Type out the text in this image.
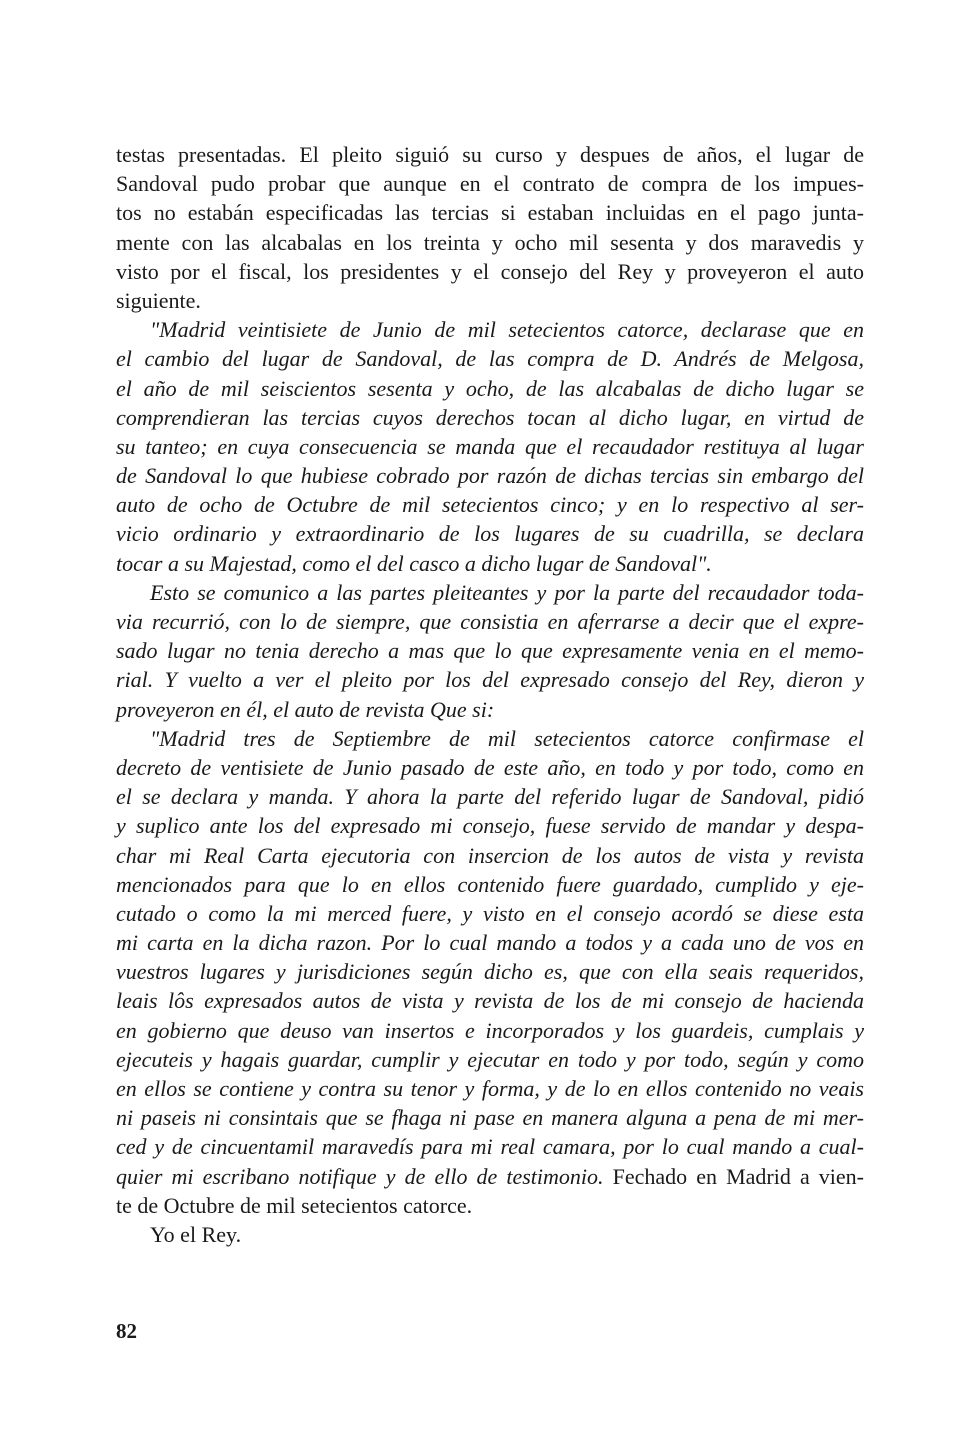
testas presentadas. El pleito siguió su curso y despues de años, el lugar de
Sandoval pudo probar que aunque en el contrato de compra de los impues-
tos no estabán especificadas las tercias si estaban incluidas en el pago junta-
mente con las alcabalas en los treinta y ocho mil sesenta y dos maravedis y
visto por el fiscal, los presidentes y el consejo del Rey y proveyeron el auto
siguiente.
"Madrid veintisiete de Junio de mil setecientos catorce, declarase que en
el cambio del lugar de Sandoval, de las compra de D. Andrés de Melgosa,
el año de mil seiscientos sesenta y ocho, de las alcabalas de dicho lugar se
comprendieran las tercias cuyos derechos tocan al dicho lugar, en virtud de
su tanteo; en cuya consecuencia se manda que el recaudador restituya al lugar
de Sandoval lo que hubiese cobrado por razón de dichas tercias sin embargo del
auto de ocho de Octubre de mil setecientos cinco; y en lo respectivo al ser-
vicio ordinario y extraordinario de los lugares de su cuadrilla, se declara
tocar a su Majestad, como el del casco a dicho lugar de Sandoval".
Esto se comunico a las partes pleiteantes y por la parte del recaudador toda-
via recurrió, con lo de siempre, que consistia en aferrarse a decir que el expre-
sado lugar no tenia derecho a mas que lo que expresamente venia en el memo-
rial. Y vuelto a ver el pleito por los del expresado consejo del Rey, dieron y
proveyeron en él, el auto de revista Que si:
"Madrid tres de Septiembre de mil setecientos catorce confirmase el
decreto de ventisiete de Junio pasado de este año, en todo y por todo, como en
el se declara y manda. Y ahora la parte del referido lugar de Sandoval, pidió
y suplico ante los del expresado mi consejo, fuese servido de mandar y despa-
char mi Real Carta ejecutoria con insercion de los autos de vista y revista
mencionados para que lo en ellos contenido fuere guardado, cumplido y eje-
cutado o como la mi merced fuere, y visto en el consejo acordó se diese esta
mi carta en la dicha razon. Por lo cual mando a todos y a cada uno de vos en
vuestros lugares y jurisdiciones según dicho es, que con ella seais requeridos,
leais lôs expresados autos de vista y revista de los de mi consejo de hacienda
en gobierno que deuso van insertos e incorporados y los guardeis, cumplais y
ejecuteis y hagais guardar, cumplir y ejecutar en todo y por todo, según y como
en ellos se contiene y contra su tenor y forma, y de lo en ellos contenido no veais
ni paseis ni consintais que se fhaga ni pase en manera alguna a pena de mi mer-
ced y de cincuentamil maravedís para mi real camara, por lo cual mando a cual-
quier mi escribano notifique y de ello de testimonio. Fechado en Madrid a vien-
te de Octubre de mil setecientos catorce.
Yo el Rey.
82
